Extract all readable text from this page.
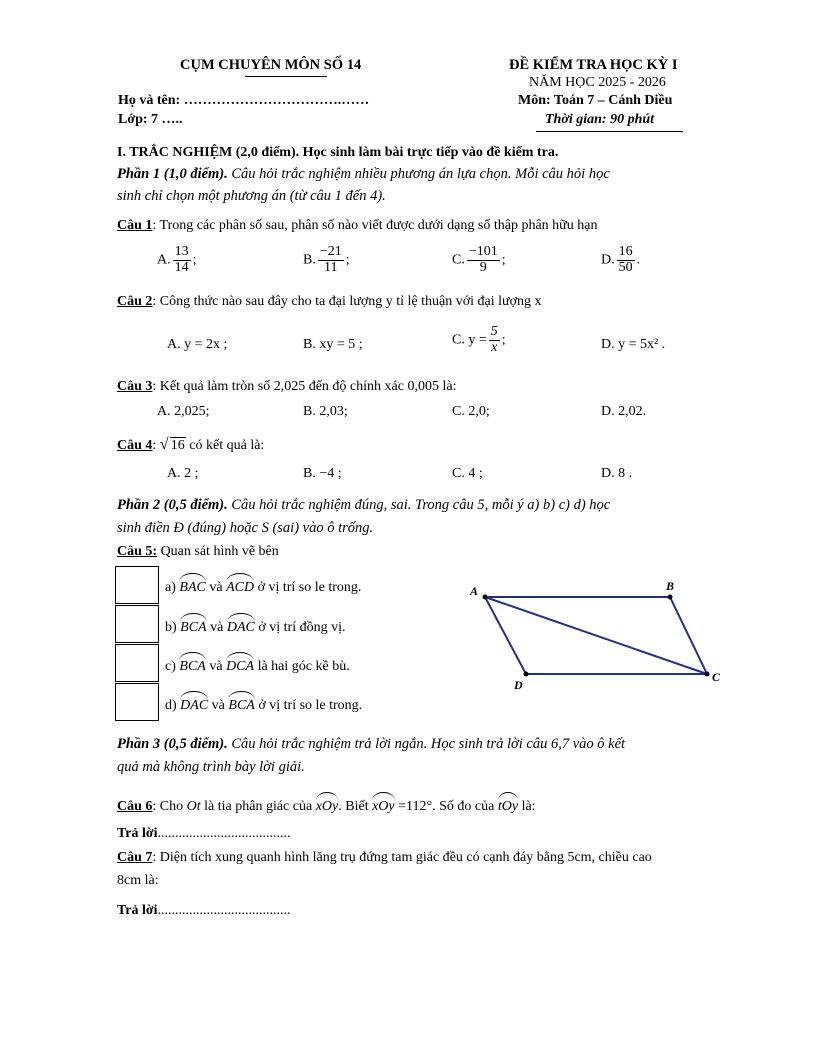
CỤM CHUYÊN MÔN SỐ 14	ĐỀ KIỂM TRA HỌC KỲ I
NĂM HỌC 2025 - 2026
Họ và tên: …………………………….……	Môn: Toán 7 – Cánh Diều
Lớp: 7 …..	Thời gian: 90 phút
I. TRẮC NGHIỆM (2,0 điểm). Học sinh làm bài trực tiếp vào đề kiểm tra.
Phần 1 (1,0 điểm). Câu hỏi trắc nghiệm nhiều phương án lựa chọn. Mỗi câu hỏi học
sinh chỉ chọn một phương án (từ câu 1 đến 4).
Câu 1: Trong các phân số sau, phân số nào viết được dưới dạng số thập phân hữu hạn
A. $\frac{13}{14}$ ;	B. $\frac{-21}{11}$ ;	C. $\frac{-101}{9}$ ;	D. $\frac{16}{50}$ .
Câu 2: Công thức nào sau đây cho ta đại lượng y tỉ lệ thuận với đại lượng x
A. y = 2x ;	B. xy = 5 ;	C. $y = \frac{5}{x}$ ;	D. y = 5x² .
Câu 3: Kết quả làm tròn số 2,025 đến độ chính xác 0,005 là:
A. 2,025;	B. 2,03;	C. 2,0;	D. 2,02.
Câu 4: √ 16 có kết quả là:
A. 2 ;	B. −4 ;	C. 4 ;	D. 8 .
Phần 2 (0,5 điểm). Câu hỏi trắc nghiệm đúng, sai. Trong câu 5, mỗi ý a) b) c) d) học
sinh điền Đ (đúng) hoặc S (sai) vào ô trống.
Câu 5: Quan sát hình vẽ bên
a) BAC và ACD ở vị trí so le trong.
b) BCA và DAC ở vị trí đồng vị.
c) BCA và DCA là hai góc kề bù.
d) DAC và BCA ở vị trí so le trong.
A	B
C
D
Phần 3 (0,5 điểm). Câu hỏi trắc nghiệm trả lời ngắn. Học sinh trả lời câu 6,7 vào ô kết
quả mà không trình bày lời giải.
Câu 6: Cho Ot là tia phân giác của xOy. Biết xOy =112°. Số đo của tOy là:
Trả lời......................................
Câu 7: Diện tích xung quanh hình lăng trụ đứng tam giác đều có cạnh đáy bằng 5cm, chiều cao
8cm là:
Trả lời......................................
